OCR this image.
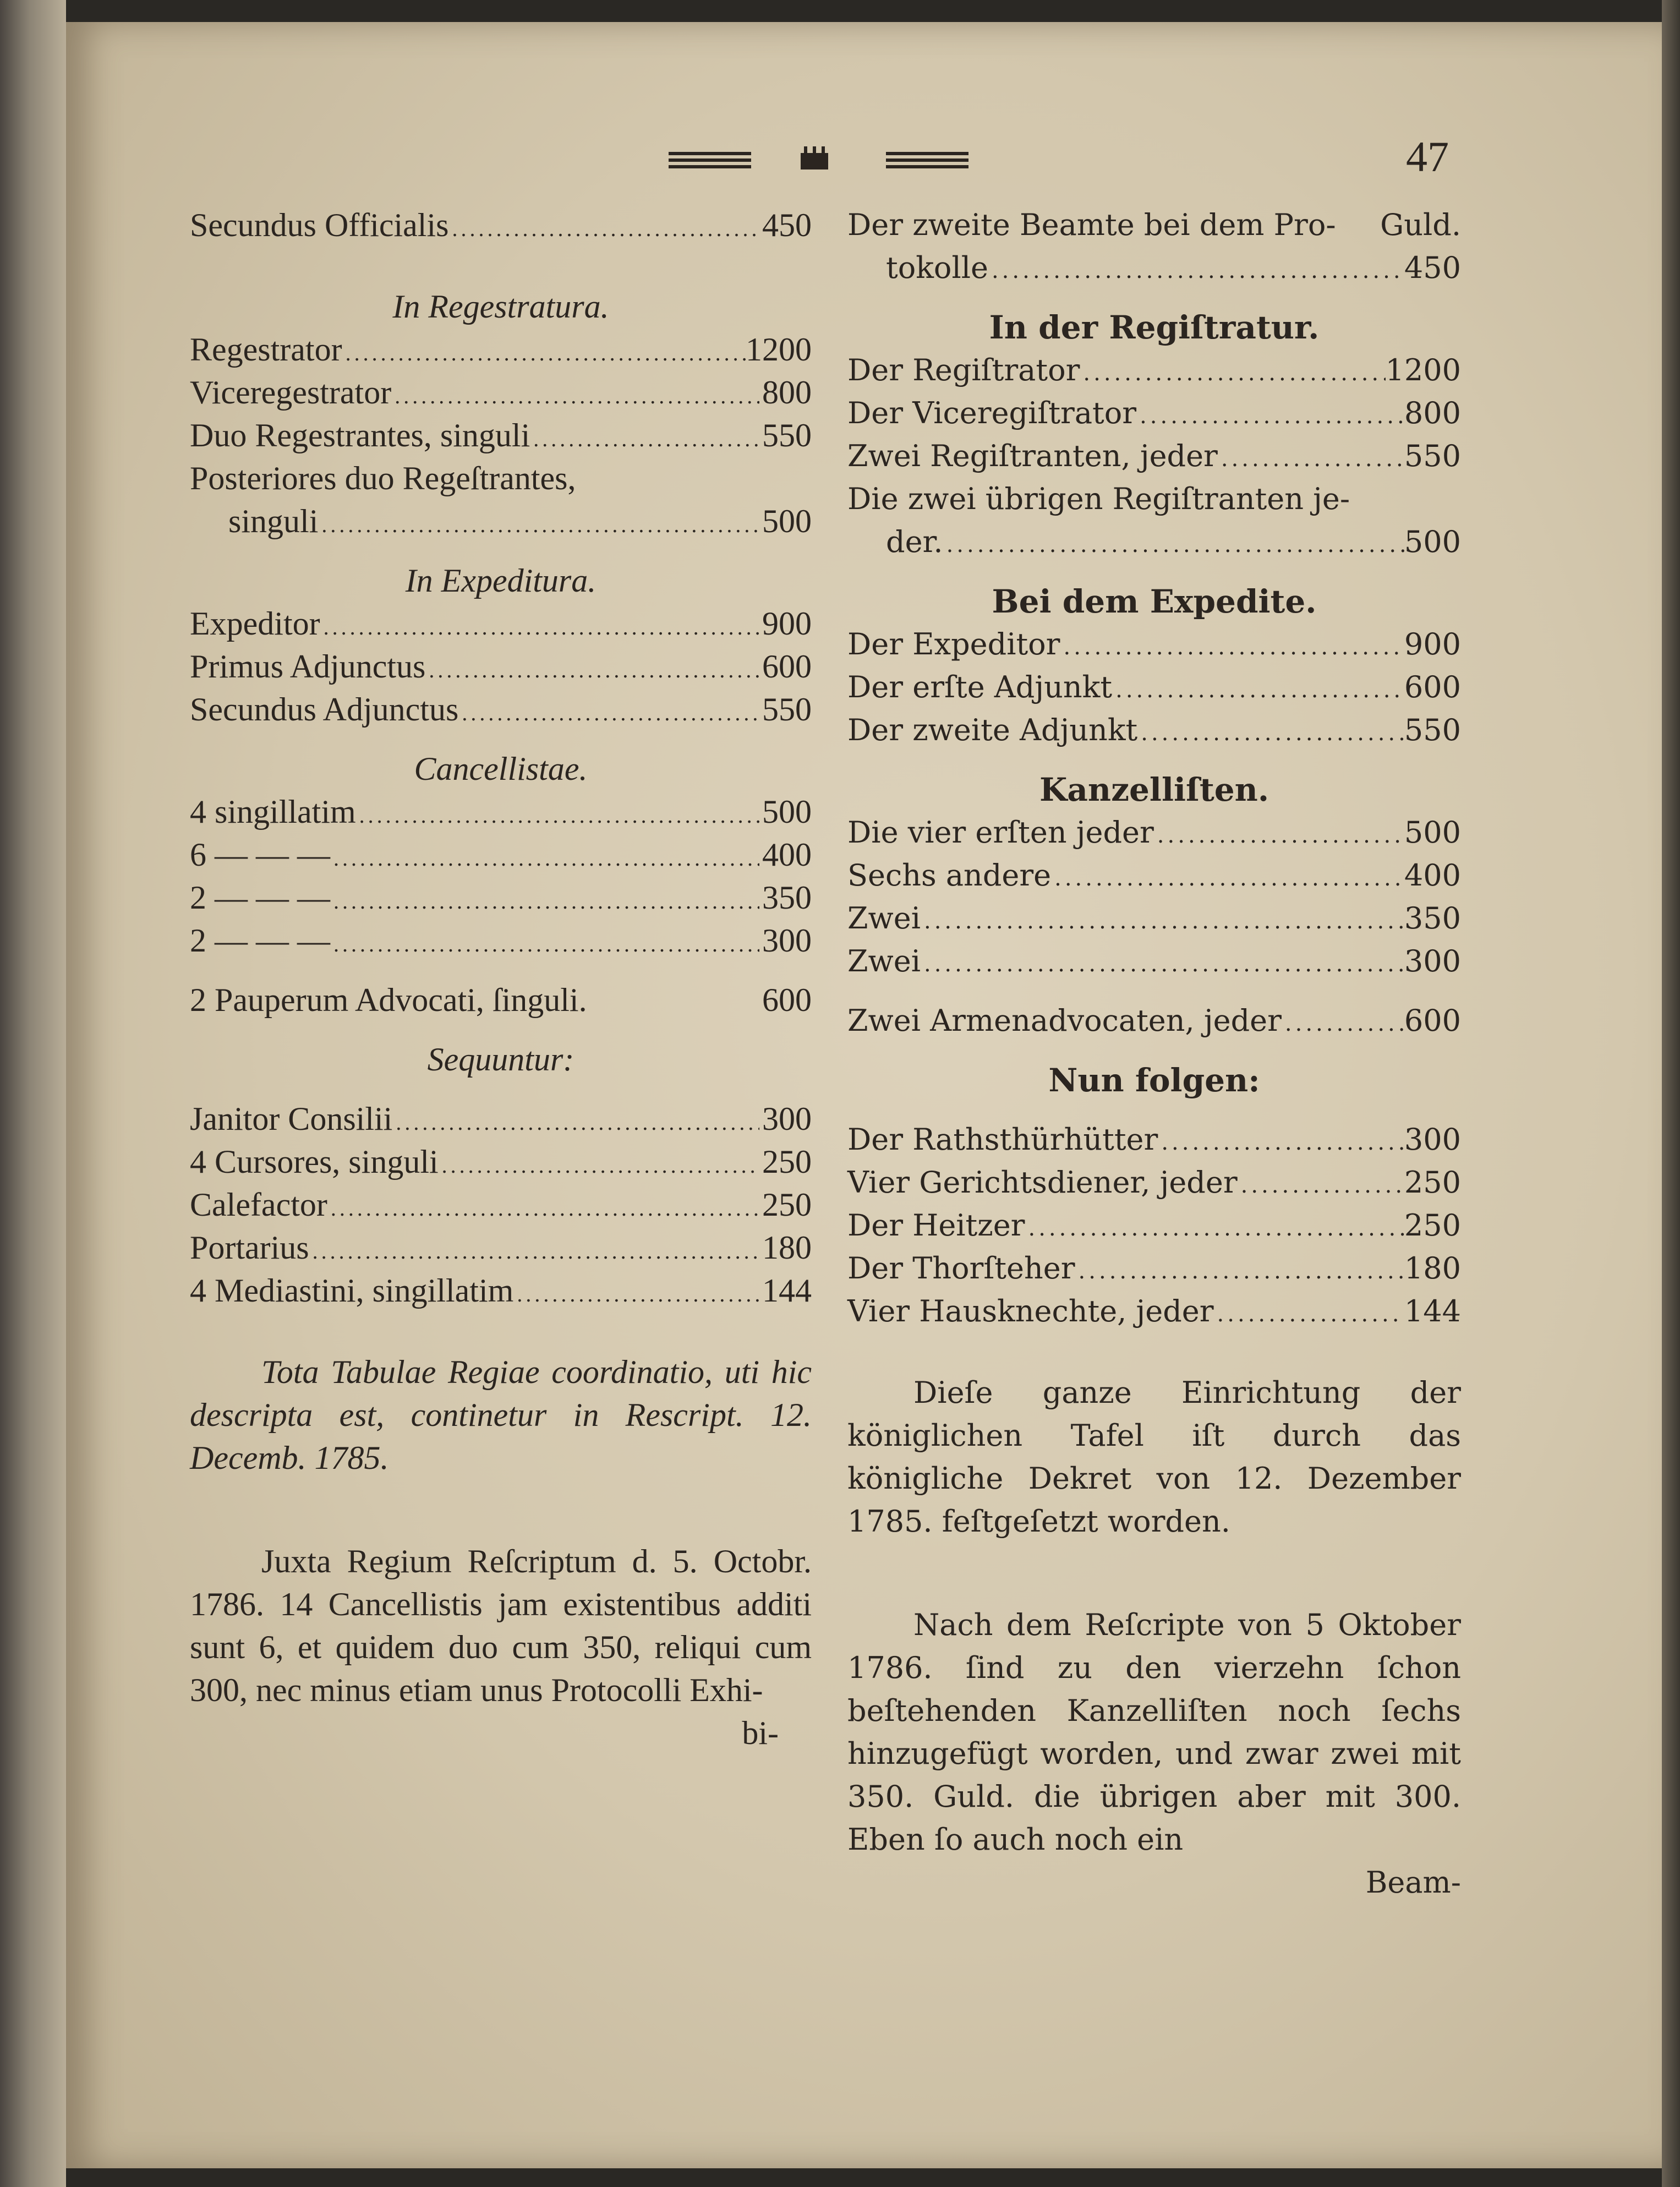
47
Secundus Officialis .....	450
In Regestratura.
Regestrator .....	1200
Viceregestrator .....	800
Duo Regestrantes, singuli .....	550
Posteriores duo Regeſtrantes,
singuli .....	500
In Expeditura.
Expeditor .....	900
Primus Adjunctus .....	600
Secundus Adjunctus .....	550
Cancellistae.
4 singillatim .....	500
6 — — — .....	400
2 — — — .....	350
2 — — — .....	300
2 Pauperum Advocati, ſinguli.	600
Sequuntur:
Janitor Consilii .....	300
4 Cursores, singuli .....	250
Calefactor .....	250
Portarius .....	180
4 Mediastini, singillatim .....	144
Tota Tabulae Regiae coordinatio, uti hic descripta est, continetur in Rescript. 12. Decemb. 1785.
Juxta Regium Reſcriptum d. 5. Octobr. 1786. 14 Cancellistis jam existentibus additi sunt 6, et quidem duo cum 350, reliqui cum 300, nec minus etiam unus Protocolli Exhi-
bi-
Der zweite Beamte bei dem Pro- Guld.
tokolle .....	450
In der Regiſtratur.
Der Regiſtrator .....	1200
Der Viceregiſtrator .....	800
Zwei Regiſtranten, jeder .....	550
Die zwei übrigen Regiſtranten je-
der. .....	500
Bei dem Expedite.
Der Expeditor .....	900
Der erſte Adjunkt .....	600
Der zweite Adjunkt .....	550
Kanzelliſten.
Die vier erſten jeder .....	500
Sechs andere .....	400
Zwei .....	350
Zwei .....	300
Zwei Armenadvocaten, jeder .....	600
Nun folgen:
Der Rathsthürhütter .....	300
Vier Gerichtsdiener, jeder .....	250
Der Heitzer .....	250
Der Thorſteher .....	180
Vier Hausknechte, jeder .....	144
Dieſe ganze Einrichtung der königlichen Tafel iſt durch das königliche Dekret von 12. Dezember 1785. feſtgeſetzt worden.
Nach dem Reſcripte von 5 Oktober 1786. ſind zu den vierzehn ſchon beſtehenden Kanzelliſten noch ſechs hinzugefügt worden, und zwar zwei mit 350. Guld. die übrigen aber mit 300. Eben ſo auch noch ein
Beam-
